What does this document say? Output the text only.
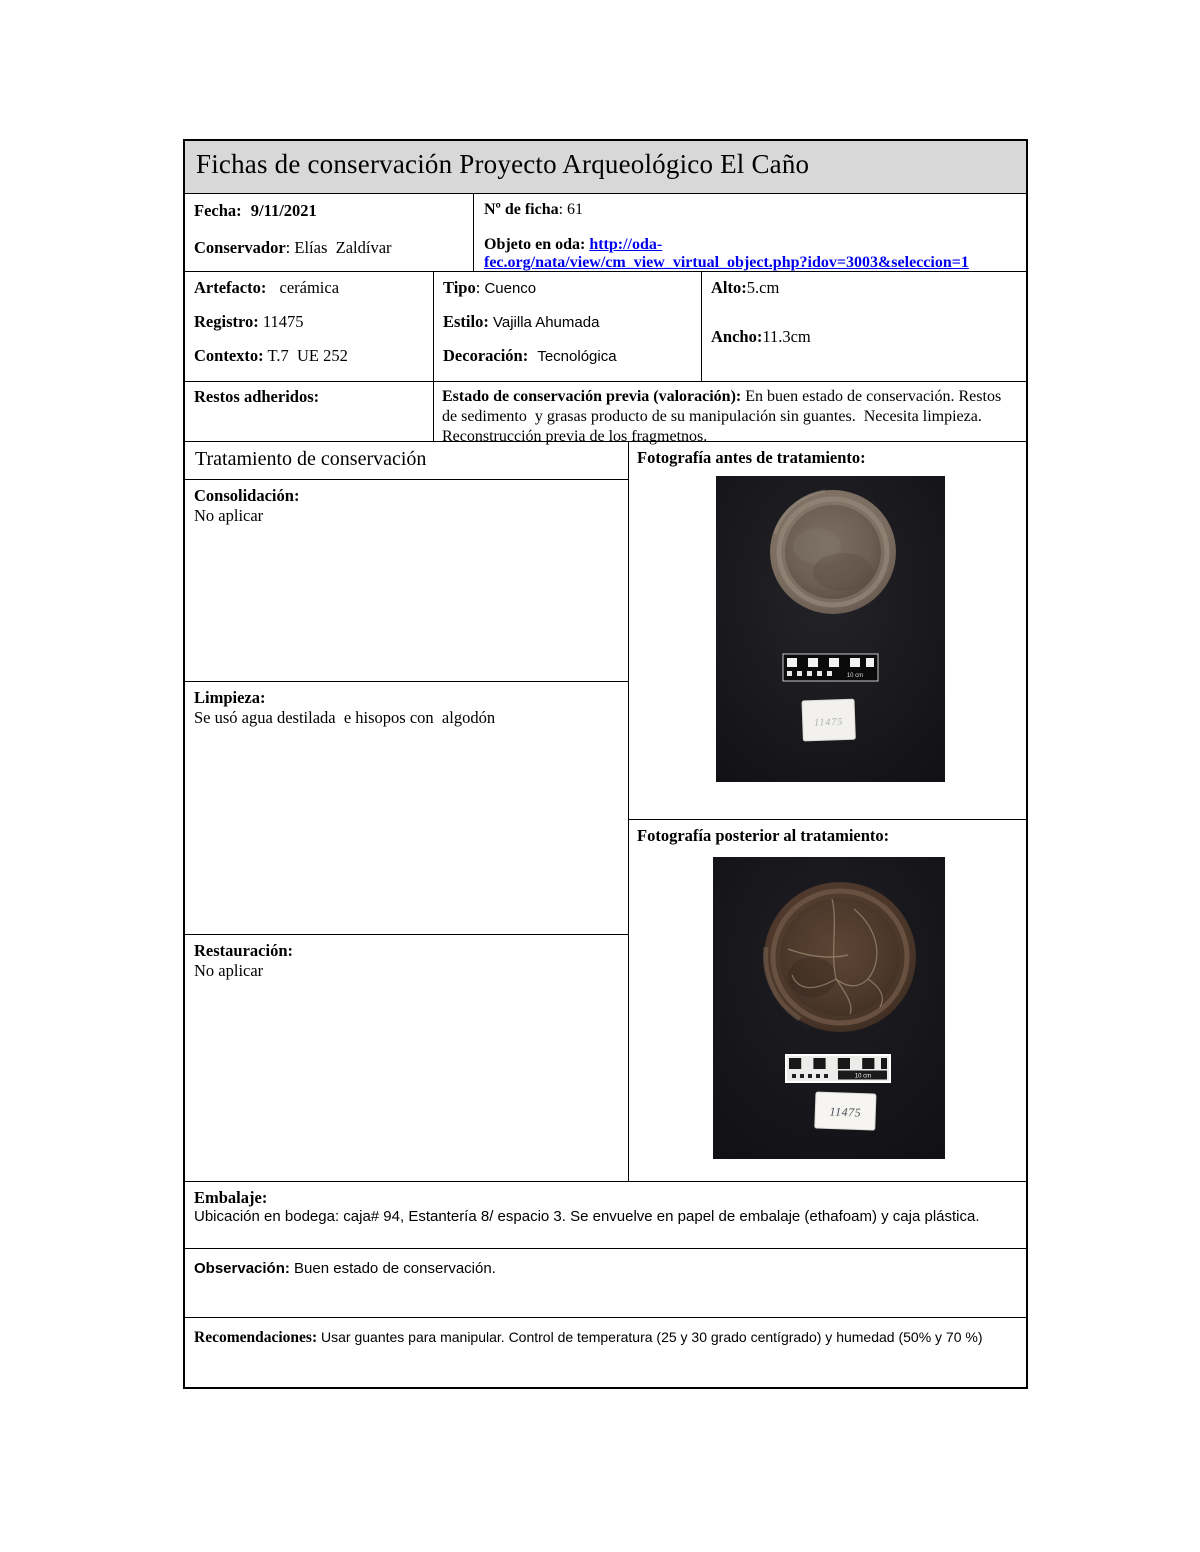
Fichas de conservación Proyecto Arqueológico El Caño

Fecha: 9/11/2021

Conservador: Elías  Zaldívar

Nº de ficha: 61

Objeto en oda: http://oda-
fec.org/nata/view/cm_view_virtual_object.php?idov=3003&seleccion=1

Artefacto: cerámica

Registro: 11475

Contexto: T.7  UE 252

Tipo: Cuenco

Estilo: Vajilla Ahumada

Decoración: Tecnológica

Alto:5.cm

Ancho:11.3cm

Restos adheridos:	Estado de conservación previa (valoración): En buen estado de conservación. Restos de sedimento  y grasas producto de su manipulación sin guantes.  Necesita limpieza. Reconstrucción previa de los fragmetnos.
Tratamiento de conservación

Consolidación:

No aplicar

Limpieza:

Se usó agua destilada  e hisopos con  algodón

Restauración:

No aplicar

Fotografía antes de tratamiento:
10 cm
11475
Fotografía posterior al tratamiento:
10 cm
11475

Embalaje:

Ubicación en bodega: caja# 94, Estantería 8/ espacio 3. Se envuelve en papel de embalaje (ethafoam) y caja plástica.

Observación: Buen estado de conservación.
Recomendaciones: Usar guantes para manipular. Control de temperatura (25 y 30 grado centígrado) y humedad (50% y 70 %)
